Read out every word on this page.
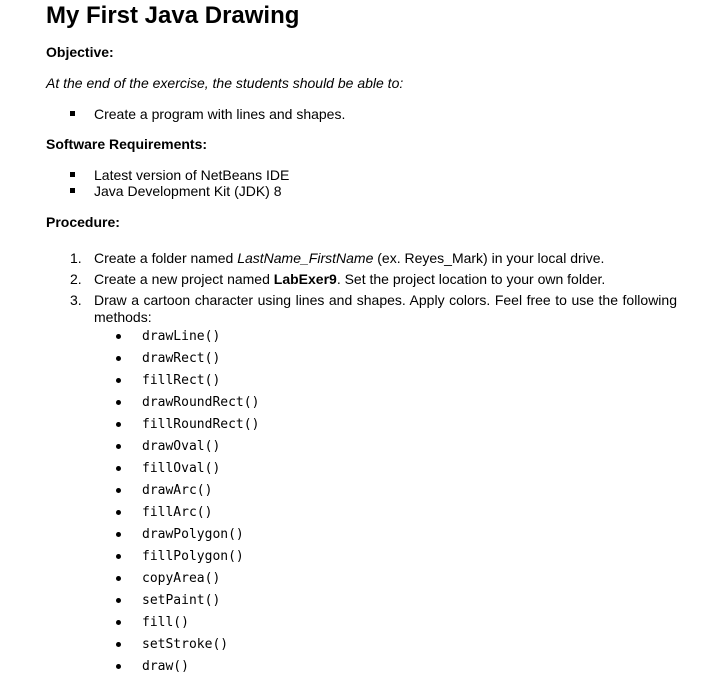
My First Java Drawing
Objective:
At the end of the exercise, the students should be able to:
Create a program with lines and shapes.
Software Requirements:
Latest version of NetBeans IDE
Java Development Kit (JDK) 8
Procedure:
1. Create a folder named LastName_FirstName (ex. Reyes_Mark) in your local drive.
2. Create a new project named LabExer9. Set the project location to your own folder.
3. Draw a cartoon character using lines and shapes. Apply colors. Feel free to use the following methods:
drawLine()
drawRect()
fillRect()
drawRoundRect()
fillRoundRect()
drawOval()
fillOval()
drawArc()
fillArc()
drawPolygon()
fillPolygon()
copyArea()
setPaint()
fill()
setStroke()
draw()
